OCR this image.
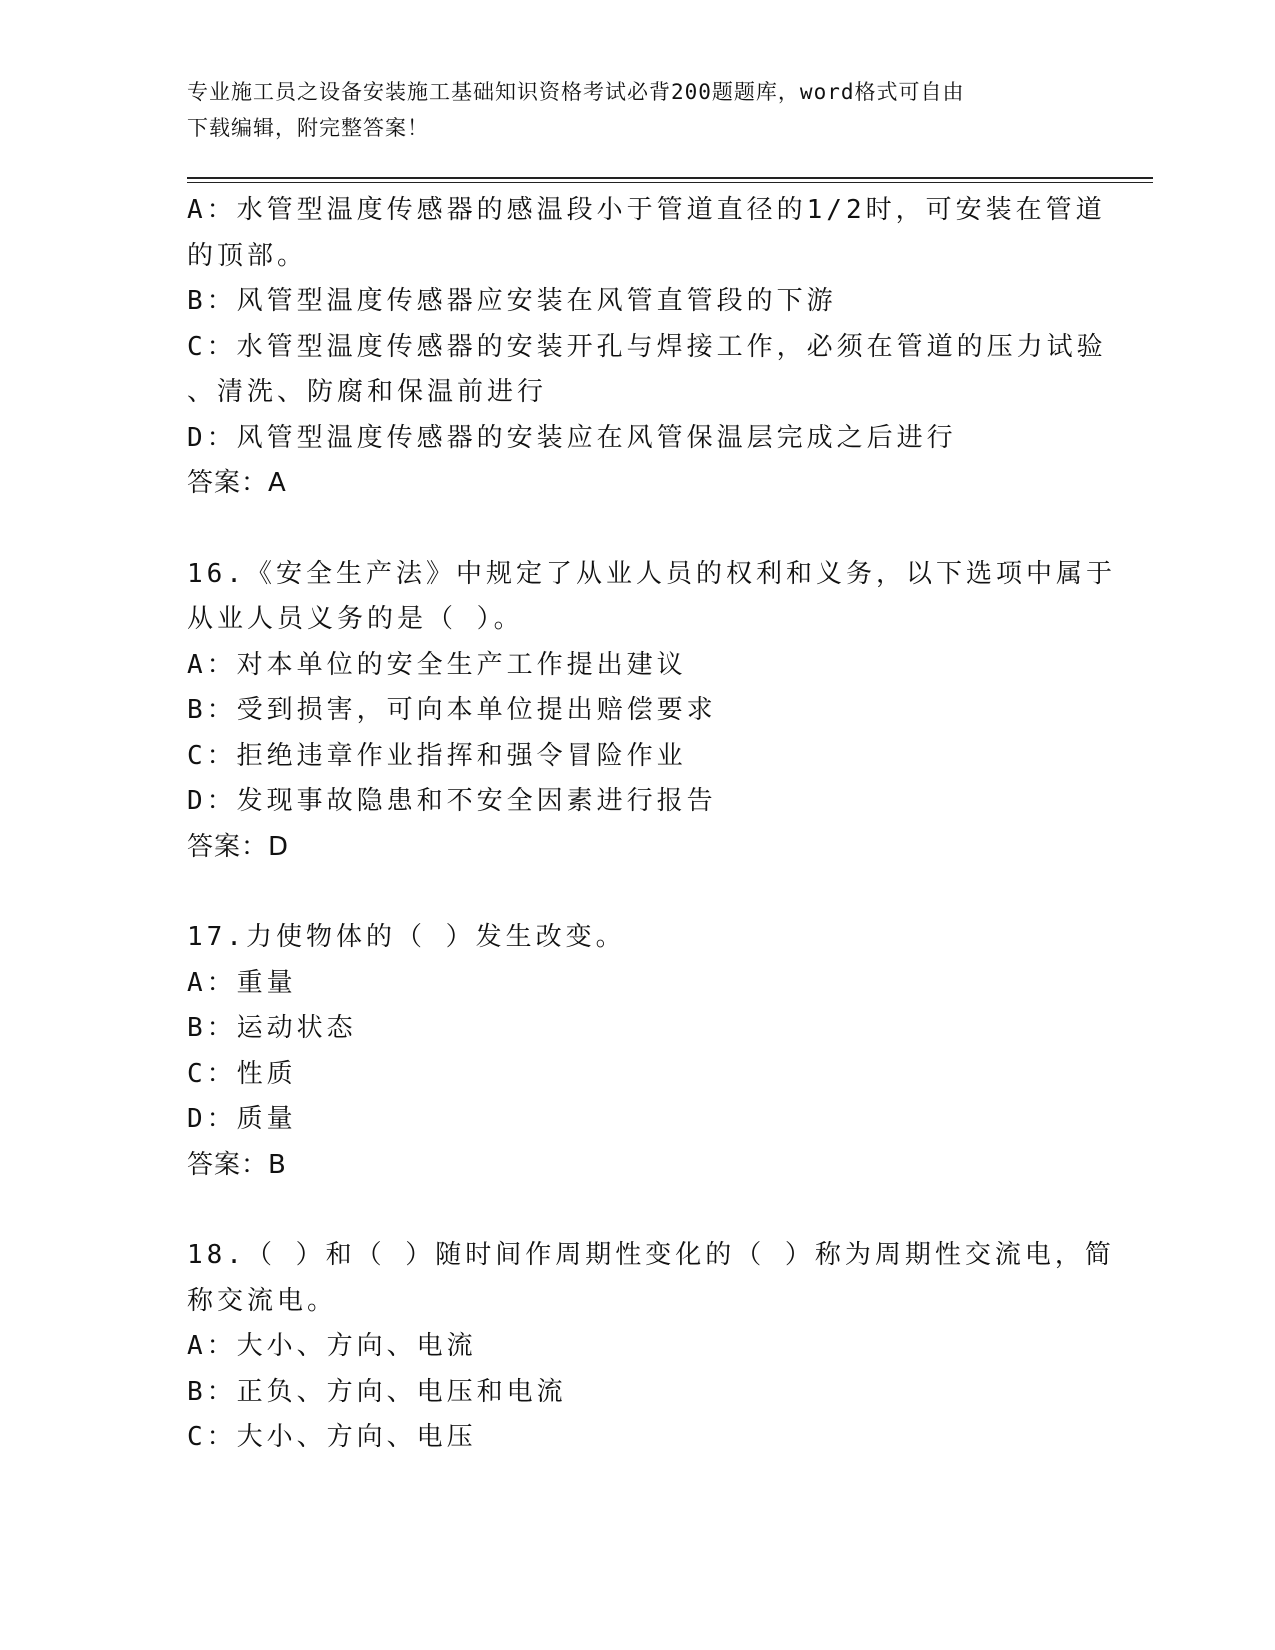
专业施工员之设备安装施工基础知识资格考试必背200题题库，word格式可自由
下载编辑，附完整答案！

A：水管型温度传感器的感温段小于管道直径的1/2时，可安装在管道

的顶部。

B：风管型温度传感器应安装在风管直管段的下游

C：水管型温度传感器的安装开孔与焊接工作，必须在管道的压力试验

、清洗、防腐和保温前进行

D：风管型温度传感器的安装应在风管保温层完成之后进行

答案：A

16.《安全生产法》中规定了从业人员的权利和义务，以下选项中属于

从业人员义务的是（ ）。

A：对本单位的安全生产工作提出建议

B：受到损害，可向本单位提出赔偿要求

C：拒绝违章作业指挥和强令冒险作业

D：发现事故隐患和不安全因素进行报告

答案：D

17.力使物体的（ ）发生改变。

A：重量

B：运动状态

C：性质

D：质量

答案：B

18.（ ）和（ ）随时间作周期性变化的（ ）称为周期性交流电，简

称交流电。

A：大小、方向、电流

B：正负、方向、电压和电流

C：大小、方向、电压
